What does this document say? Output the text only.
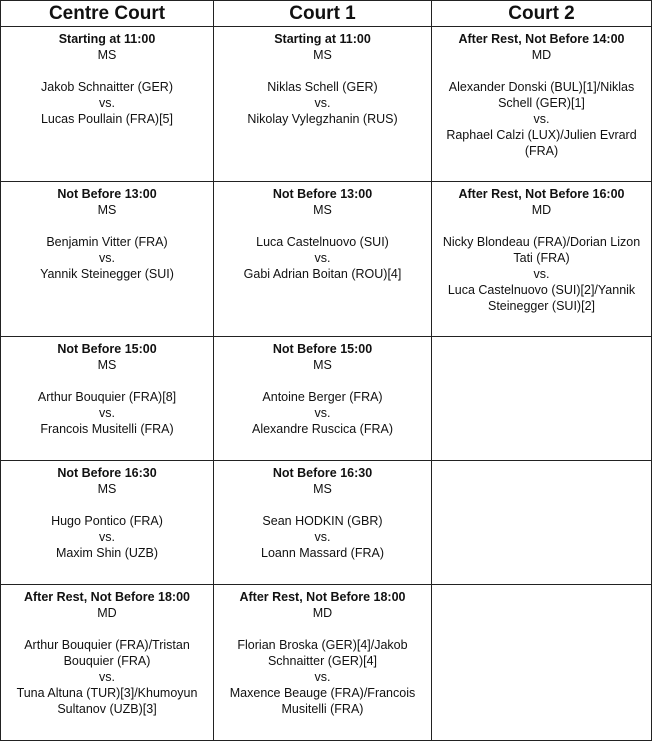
Centre Court	Court 1	Court 2

Starting at 11:00
MS
Jakob Schnaitter (GER)
vs.
Lucas Poullain (FRA)[5]	Starting at 11:00
MS
Niklas Schell (GER)
vs.
Nikolay Vylegzhanin (RUS)	After Rest, Not Before 14:00
MD
Alexander Donski (BUL)[1]/Niklas Schell (GER)[1]
vs.
Raphael Calzi (LUX)/Julien Evrard (FRA)

Not Before 13:00
MS
Benjamin Vitter (FRA)
vs.
Yannik Steinegger (SUI)	Not Before 13:00
MS
Luca Castelnuovo (SUI)
vs.
Gabi Adrian Boitan (ROU)[4]	After Rest, Not Before 16:00
MD
Nicky Blondeau (FRA)/Dorian Lizon Tati (FRA)
vs.
Luca Castelnuovo (SUI)[2]/Yannik Steinegger (SUI)[2]

Not Before 15:00
MS
Arthur Bouquier (FRA)[8]
vs.
Francois Musitelli (FRA)	Not Before 15:00
MS
Antoine Berger (FRA)
vs.
Alexandre Ruscica (FRA)	

Not Before 16:30
MS
Hugo Pontico (FRA)
vs.
Maxim Shin (UZB)	Not Before 16:30
MS
Sean HODKIN (GBR)
vs.
Loann Massard (FRA)	

After Rest, Not Before 18:00
MD
Arthur Bouquier (FRA)/Tristan Bouquier (FRA)
vs.
Tuna Altuna (TUR)[3]/Khumoyun Sultanov (UZB)[3]	After Rest, Not Before 18:00
MD
Florian Broska (GER)[4]/Jakob Schnaitter (GER)[4]
vs.
Maxence Beauge (FRA)/Francois Musitelli (FRA)	
